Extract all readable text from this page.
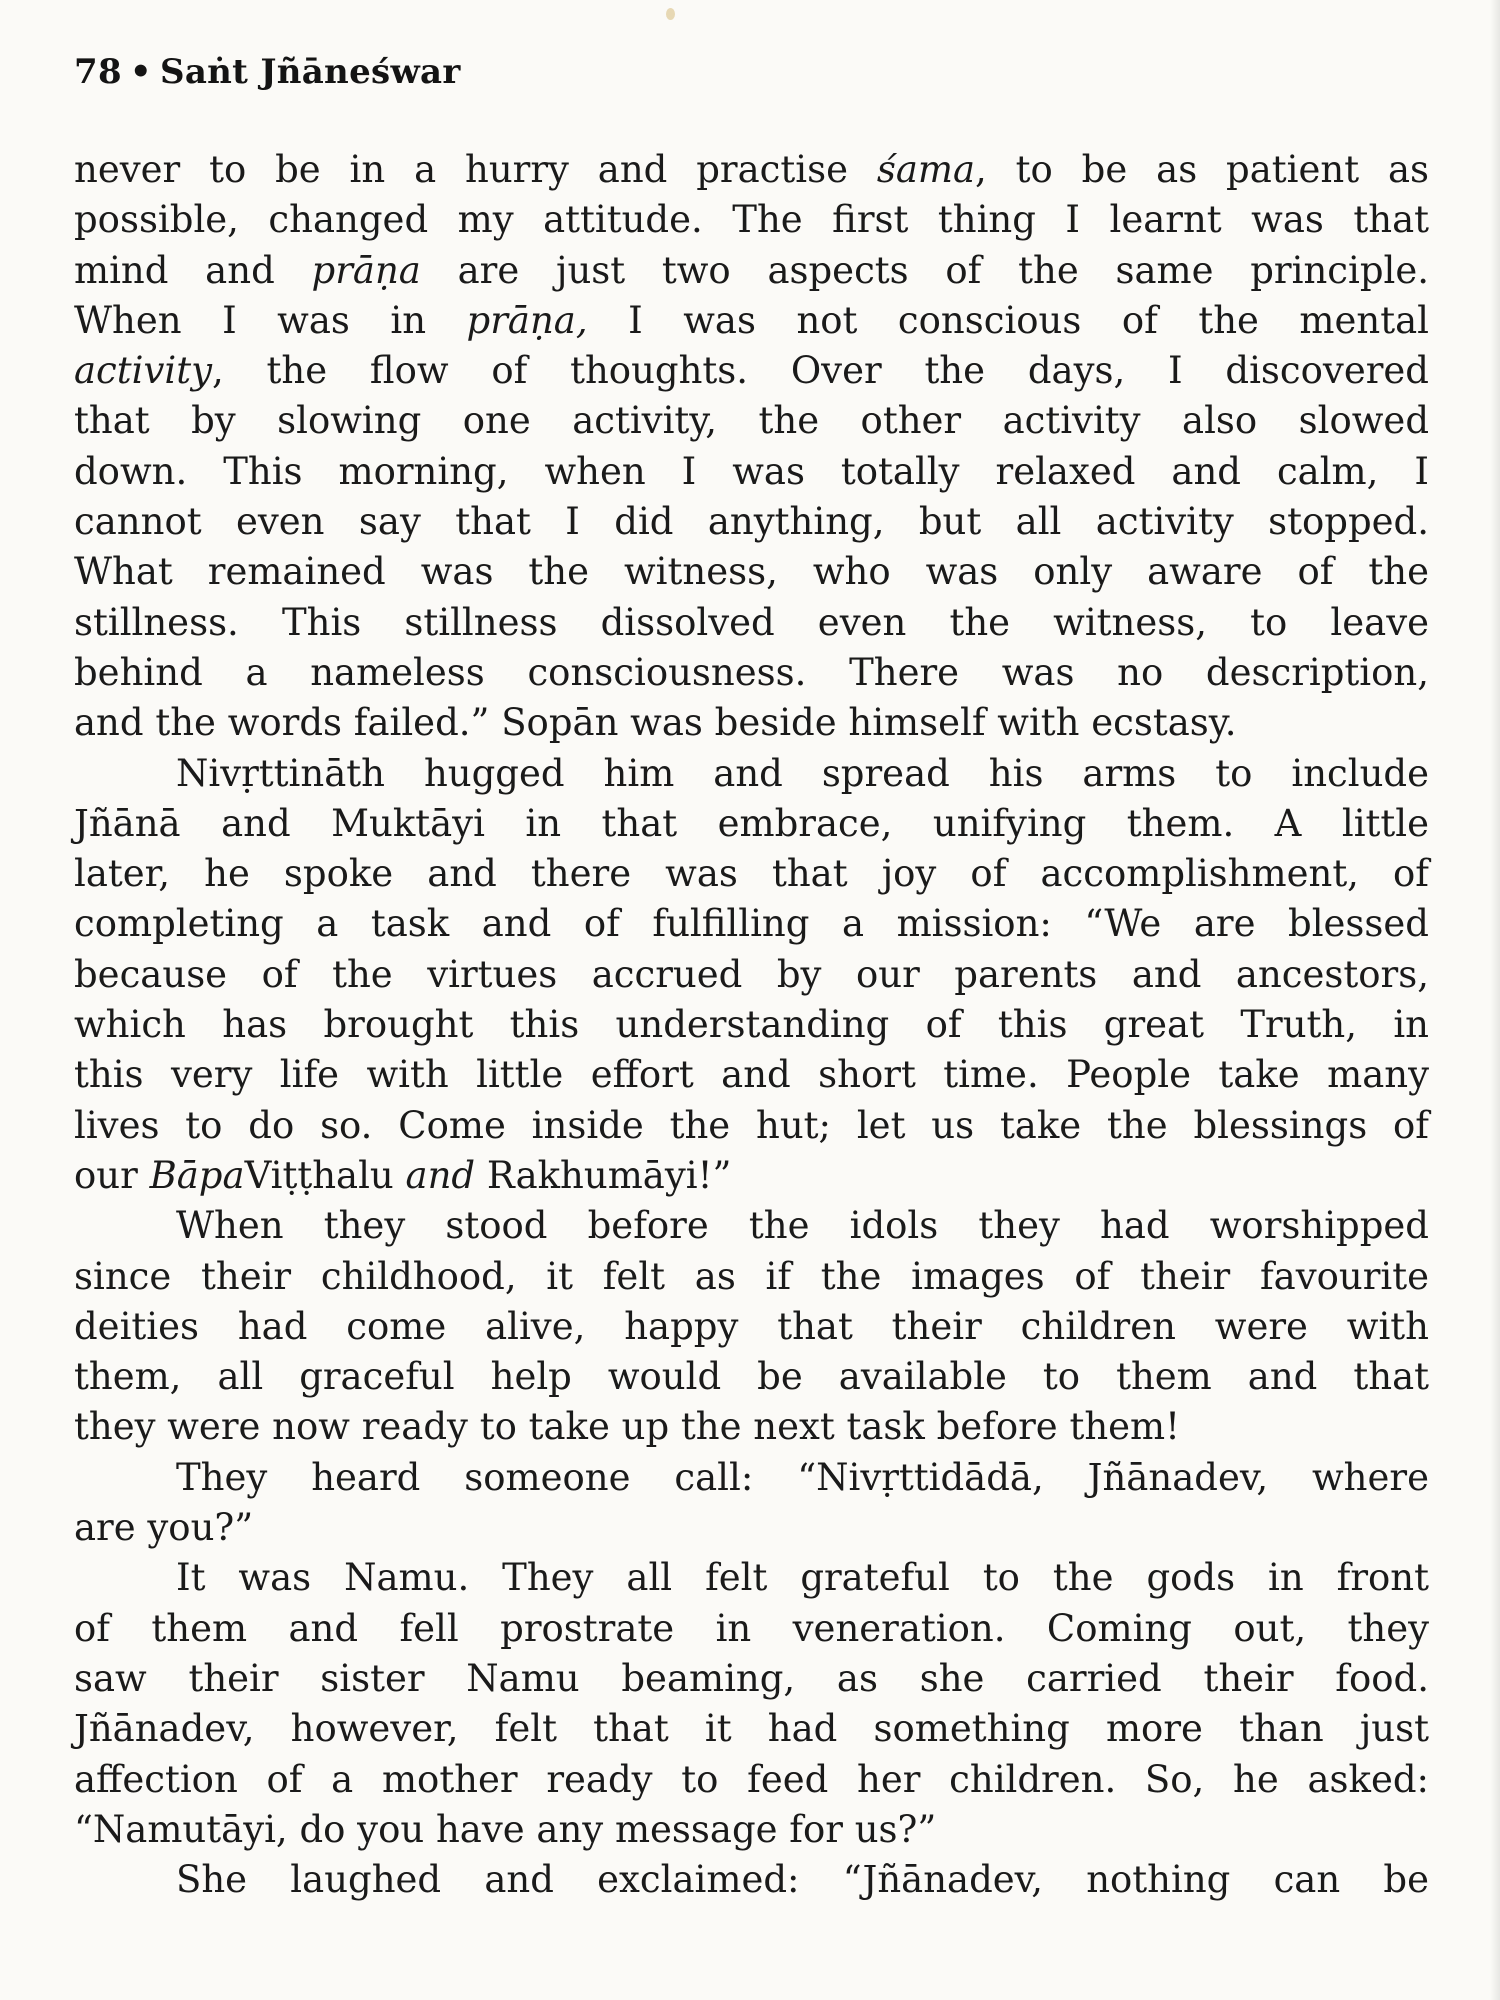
78 • Saṅt Jñāneśwar
never to be in a hurry and practise śama, to be as patient as
possible, changed my attitude. The first thing I learnt was that
mind and prāṇa are just two aspects of the same principle.
When I was in prāṇa, I was not conscious of the mental
activity, the flow of thoughts. Over the days, I discovered
that by slowing one activity, the other activity also slowed
down. This morning, when I was totally relaxed and calm, I
cannot even say that I did anything, but all activity stopped.
What remained was the witness, who was only aware of the
stillness. This stillness dissolved even the witness, to leave
behind a nameless consciousness. There was no description,
and the words failed.” Sopān was beside himself with ecstasy.
Nivṛttināth hugged him and spread his arms to include
Jñānā and Muktāyi in that embrace, unifying them. A little
later, he spoke and there was that joy of accomplishment, of
completing a task and of fulfilling a mission: “We are blessed
because of the virtues accrued by our parents and ancestors,
which has brought this understanding of this great Truth, in
this very life with little effort and short time. People take many
lives to do so. Come inside the hut; let us take the blessings of
our BāpaViṭṭhalu and Rakhumāyi!”
When they stood before the idols they had worshipped
since their childhood, it felt as if the images of their favourite
deities had come alive, happy that their children were with
them, all graceful help would be available to them and that
they were now ready to take up the next task before them!
They heard someone call: “Nivṛttidādā, Jñānadev, where
are you?”
It was Namu. They all felt grateful to the gods in front
of them and fell prostrate in veneration. Coming out, they
saw their sister Namu beaming, as she carried their food.
Jñānadev, however, felt that it had something more than just
affection of a mother ready to feed her children. So, he asked:
“Namutāyi, do you have any message for us?”
She laughed and exclaimed: “Jñānadev, nothing can be
